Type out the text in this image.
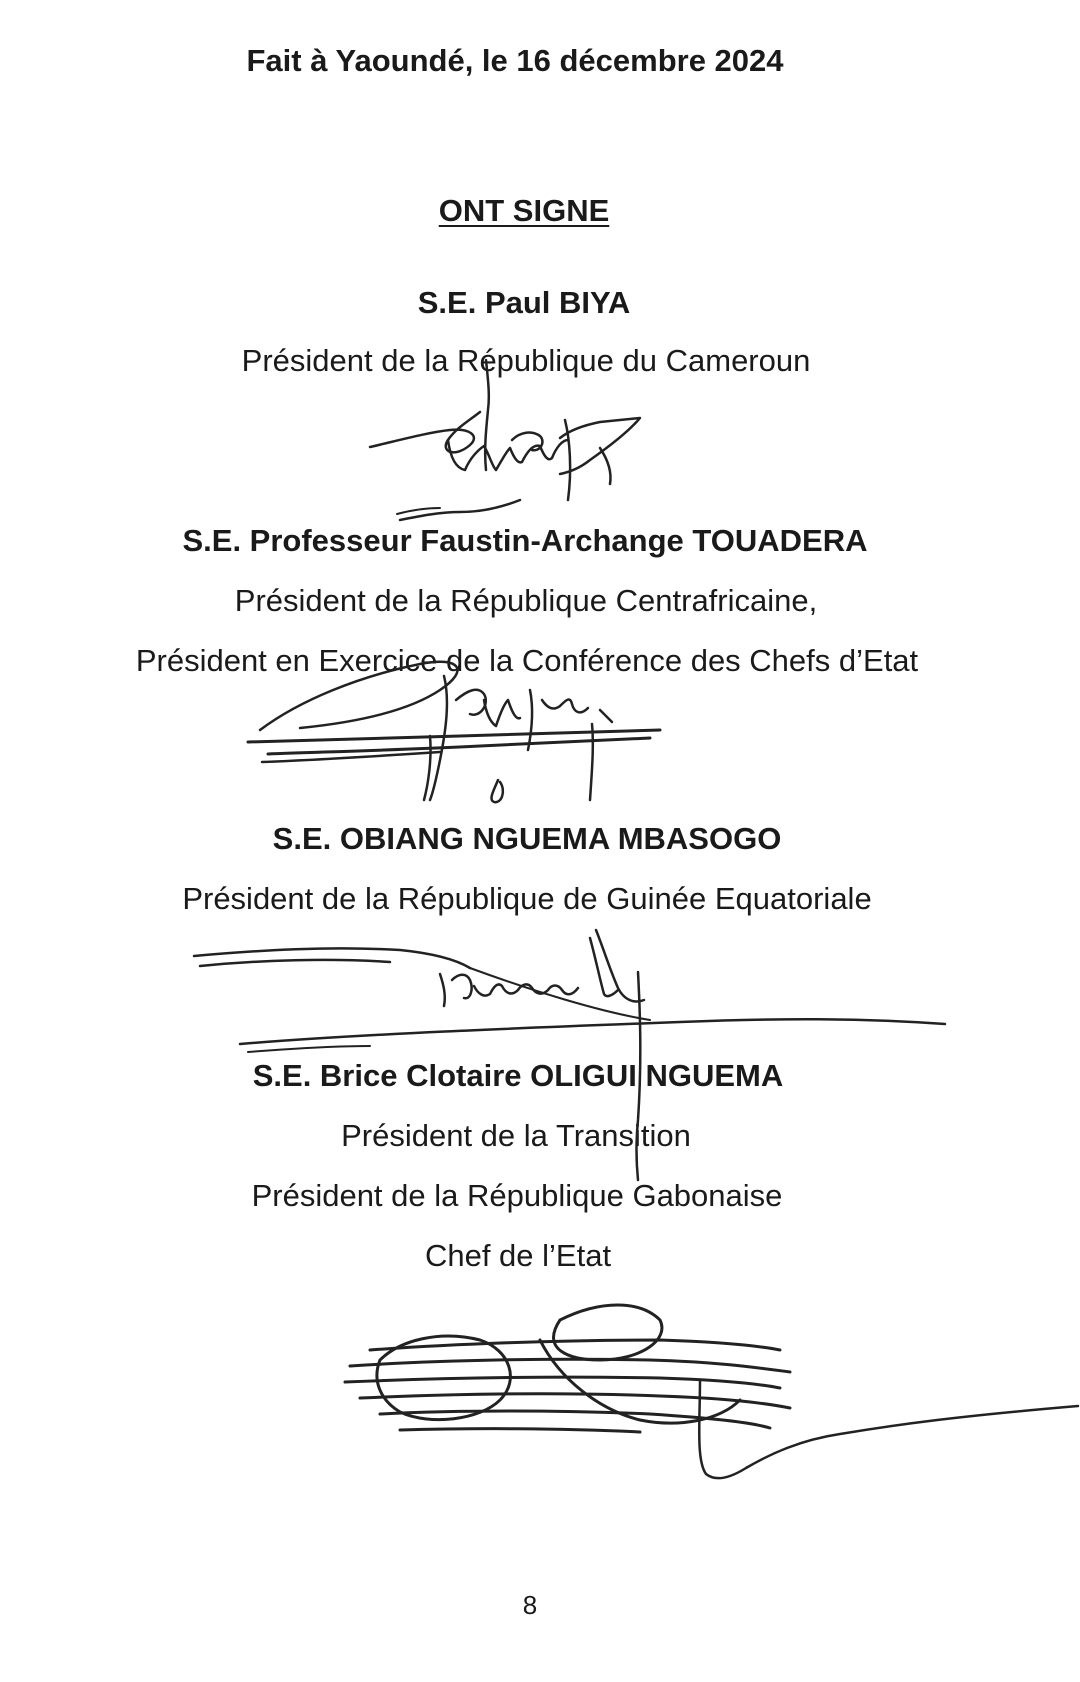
Fait à Yaoundé, le 16 décembre 2024
ONT SIGNE
S.E. Paul BIYA
Président de la République du Cameroun
S.E. Professeur Faustin-Archange TOUADERA
Président de la République Centrafricaine,
Président en Exercice de la Conférence des Chefs d’Etat
S.E. OBIANG NGUEMA MBASOGO
Président de la République de Guinée Equatoriale
S.E. Brice Clotaire OLIGUI NGUEMA
Président de la Transition
Président de la République Gabonaise
Chef de l’Etat
8
